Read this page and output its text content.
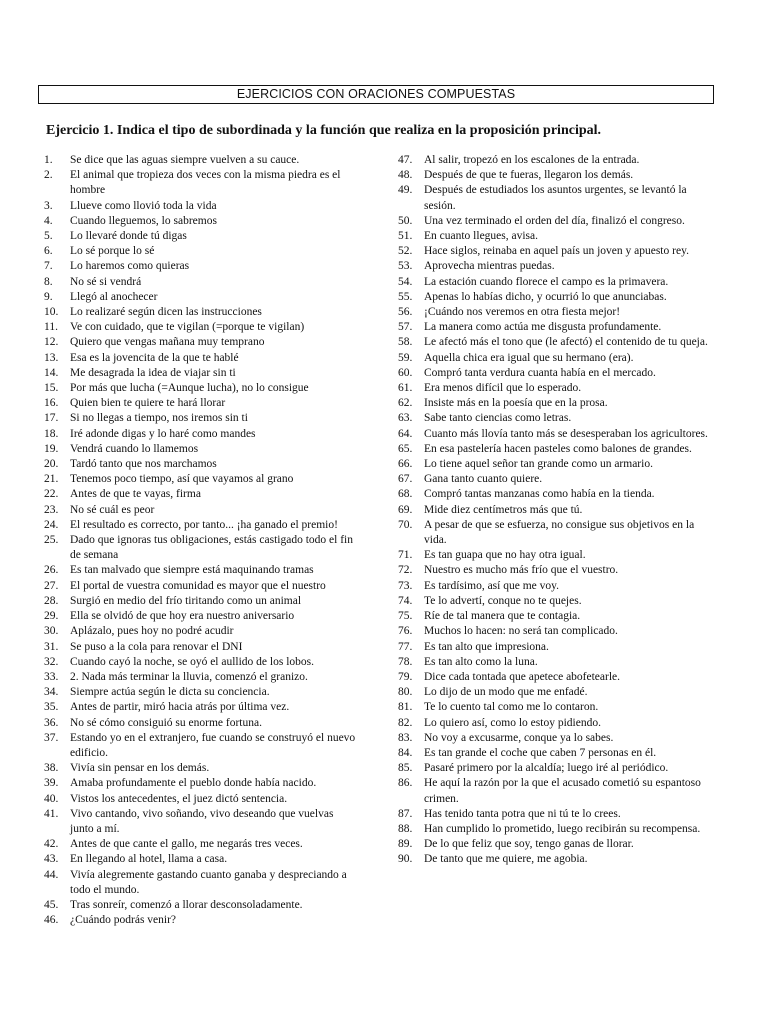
EJERCICIOS CON ORACIONES COMPUESTAS
Ejercicio 1. Indica el tipo de subordinada y la función que realiza en la proposición principal.
1.	Se dice que las aguas siempre vuelven a su cauce.
2.	El animal que tropieza dos veces con la misma piedra es el hombre
3.	Llueve como llovió toda la vida
4.	Cuando lleguemos, lo sabremos
5.	Lo llevaré donde tú digas
6.	Lo sé porque lo sé
7.	Lo haremos como quieras
8.	No sé si vendrá
9.	Llegó al anochecer
10.	Lo realizaré según dicen las instrucciones
11.	Ve con cuidado, que te vigilan (=porque te vigilan)
12.	Quiero que vengas mañana muy temprano
13.	Esa es la jovencita de la que te hablé
14.	Me desagrada la idea de viajar sin ti
15.	Por más que lucha (=Aunque lucha), no lo consigue
16.	Quien bien te quiere te hará llorar
17.	Si no llegas a tiempo, nos iremos sin ti
18.	Iré adonde digas y lo haré como mandes
19.	Vendrá cuando lo llamemos
20.	Tardó tanto que nos marchamos
21.	Tenemos poco tiempo, así que vayamos al grano
22.	Antes de que te vayas, firma
23.	No sé cuál es peor
24.	El resultado es correcto, por tanto... ¡ha ganado el premio!
25.	Dado que ignoras tus obligaciones, estás castigado todo el fin de semana
26.	Es tan malvado que siempre está maquinando tramas
27.	El portal de vuestra comunidad es mayor que el nuestro
28.	Surgió en medio del frío tiritando como un animal
29.	Ella se olvidó de que hoy era nuestro aniversario
30.	Aplázalo, pues hoy no podré acudir
31.	Se puso a la cola para renovar el DNI
32.	Cuando cayó la noche, se oyó el aullido de los lobos.
33.	2. Nada más terminar la lluvia, comenzó el granizo.
34.	Siempre actúa según le dicta su conciencia.
35.	Antes de partir, miró hacia atrás por última vez.
36.	No sé cómo consiguió su enorme fortuna.
37.	Estando yo en el extranjero, fue cuando se construyó el nuevo edificio.
38.	Vivía sin pensar en los demás.
39.	Amaba profundamente el pueblo donde había nacido.
40.	Vistos los antecedentes, el juez dictó sentencia.
41.	Vivo cantando, vivo soñando, vivo deseando que vuelvas junto a mí.
42.	Antes de que cante el gallo, me negarás tres veces.
43.	En llegando al hotel, llama a casa.
44.	Vivía alegremente gastando cuanto ganaba y despreciando a todo el mundo.
45.	Tras sonreír, comenzó a llorar desconsoladamente.
46.	¿Cuándo podrás venir?
47.	Al salir, tropezó en los escalones de la entrada.
48.	Después de que te fueras, llegaron los demás.
49.	Después de estudiados los asuntos urgentes, se levantó la sesión.
50.	Una vez terminado el orden del día, finalizó el congreso.
51.	En cuanto llegues, avisa.
52.	Hace siglos, reinaba en aquel país un joven y apuesto rey.
53.	Aprovecha mientras puedas.
54.	La estación cuando florece el campo es la primavera.
55.	Apenas lo habías dicho, y ocurrió lo que anunciabas.
56.	¡Cuándo nos veremos en otra fiesta mejor!
57.	La manera como actúa me disgusta profundamente.
58.	Le afectó más el tono que (le afectó) el contenido de tu queja.
59.	Aquella chica era igual que su hermano (era).
60.	Compró tanta verdura cuanta había en el mercado.
61.	Era menos difícil que lo esperado.
62.	Insiste más en la poesía que en la prosa.
63.	Sabe tanto ciencias como letras.
64.	Cuanto más llovía tanto más se desesperaban los agricultores.
65.	En esa pastelería hacen pasteles como balones de grandes.
66.	Lo tiene aquel señor tan grande como un armario.
67.	Gana tanto cuanto quiere.
68.	Compró tantas manzanas como había en la tienda.
69.	Mide diez centímetros más que tú.
70.	A pesar de que se esfuerza, no consigue sus objetivos en la vida.
71.	Es tan guapa que no hay otra igual.
72.	Nuestro es mucho más frío que el vuestro.
73.	Es tardísimo, así que me voy.
74.	Te lo advertí, conque no te quejes.
75.	Ríe de tal manera que te contagia.
76.	Muchos lo hacen: no será tan complicado.
77.	Es tan alto que impresiona.
78.	Es tan alto como la luna.
79.	Dice cada tontada que apetece abofetearle.
80.	Lo dijo de un modo que me enfadé.
81.	Te lo cuento tal como me lo contaron.
82.	Lo quiero así, como lo estoy pidiendo.
83.	No voy a excusarme, conque ya lo sabes.
84.	Es tan grande el coche que caben 7 personas en él.
85.	Pasaré primero por la alcaldía; luego iré al periódico.
86.	He aquí la razón por la que el acusado cometió su espantoso crimen.
87.	Has tenido tanta potra que ni tú te lo crees.
88.	Han cumplido lo prometido, luego recibirán su recompensa.
89.	De lo que feliz que soy, tengo ganas de llorar.
90.	De tanto que me quiere, me agobia.
